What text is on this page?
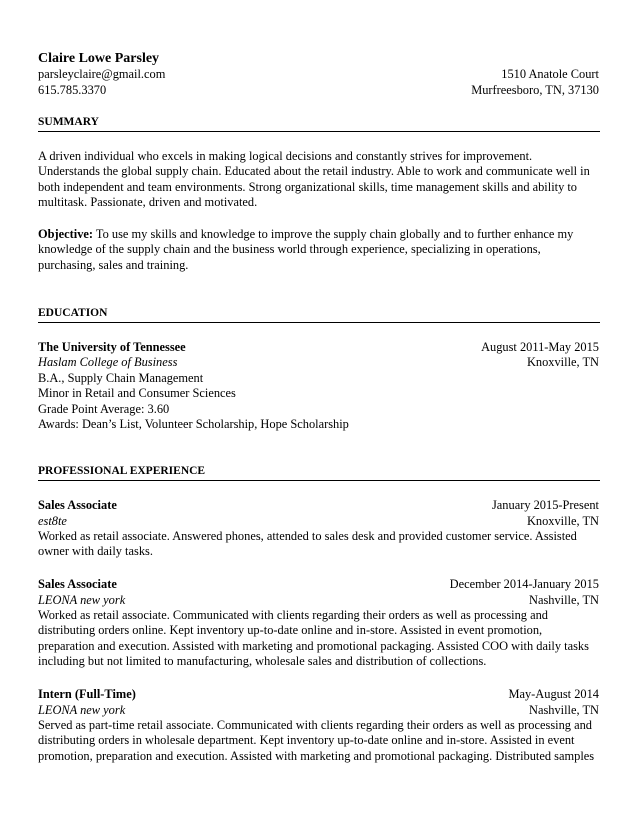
Claire Lowe Parsley
parsleyclaire@gmail.com	1510 Anatole Court
615.785.3370	Murfreesboro, TN, 37130
SUMMARY
A driven individual who excels in making logical decisions and constantly strives for improvement.
Understands the global supply chain. Educated about the retail industry. Able to work and communicate well in
both independent and team environments. Strong organizational skills, time management skills and ability to
multitask. Passionate, driven and motivated.
Objective: To use my skills and knowledge to improve the supply chain globally and to further enhance my
knowledge of the supply chain and the business world through experience, specializing in operations,
purchasing, sales and training.
EDUCATION
The University of Tennessee	August 2011-May 2015
Haslam College of Business	Knoxville, TN
B.A., Supply Chain Management
Minor in Retail and Consumer Sciences
Grade Point Average: 3.60
Awards: Dean’s List, Volunteer Scholarship, Hope Scholarship
PROFESSIONAL EXPERIENCE
Sales Associate	January 2015-Present
est8te	Knoxville, TN
Worked as retail associate. Answered phones, attended to sales desk and provided customer service. Assisted
owner with daily tasks.
Sales Associate	December 2014-January 2015
LEONA new york	Nashville, TN
Worked as retail associate. Communicated with clients regarding their orders as well as processing and
distributing orders online. Kept inventory up-to-date online and in-store. Assisted in event promotion,
preparation and execution. Assisted with marketing and promotional packaging. Assisted COO with daily tasks
including but not limited to manufacturing, wholesale sales and distribution of collections.
Intern (Full-Time)	May-August 2014
LEONA new york	Nashville, TN
Served as part-time retail associate. Communicated with clients regarding their orders as well as processing and
distributing orders in wholesale department. Kept inventory up-to-date online and in-store. Assisted in event
promotion, preparation and execution. Assisted with marketing and promotional packaging. Distributed samples
